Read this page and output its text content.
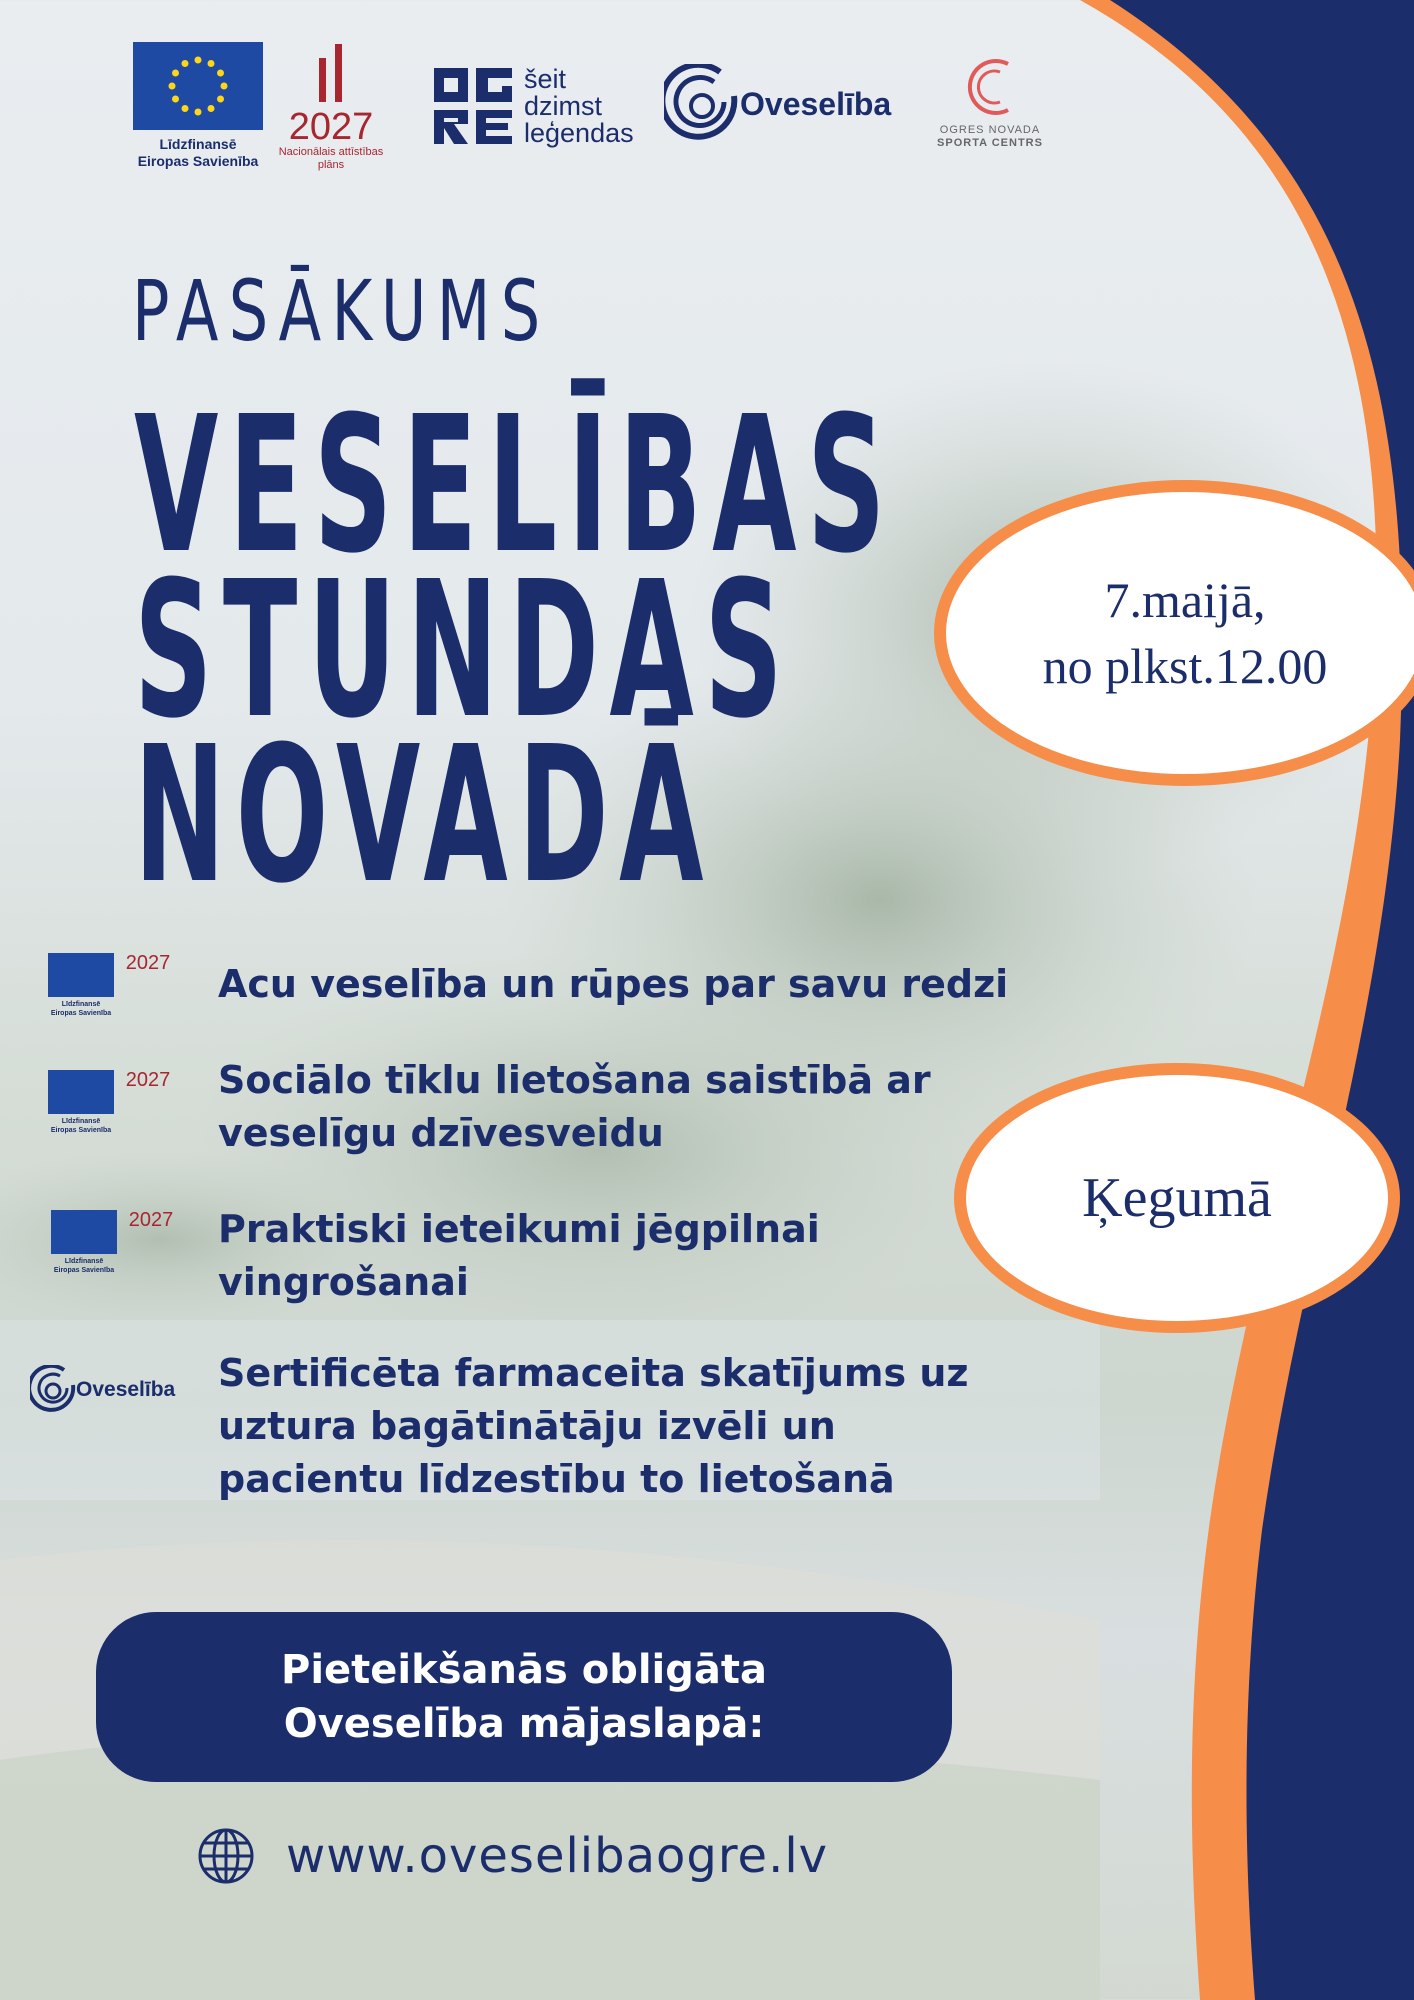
Līdzfinansē Eiropas Savienība
2027
Nacionālais attīstības plāns
šeit
dzimst
leģendas
Oveselība
OGRES NOVADA
SPORTA CENTRS
PASĀKUMS
VESELĪBAS
STUNDAS
NOVADĀ
7.maijā,
no plkst.12.00
Ķegumā
Līdzfinansē Eiropas Savienība
2027 Acu veselība un rūpes par savu redzi
Līdzfinansē Eiropas Savienība
2027 Sociālo tīklu lietošana saistībā ar
veselīgu dzīvesveidu
Līdzfinansē Eiropas Savienība
2027 Praktiski ieteikumi jēgpilnai
vingrošanai
Oveselība Sertificēta farmaceita skatījums uz
uztura bagātinātāju izvēli un
pacientu līdzestību to lietošanā
Pieteikšanās obligāta
Oveselība mājaslapā:
www.oveselibaogre.lv
